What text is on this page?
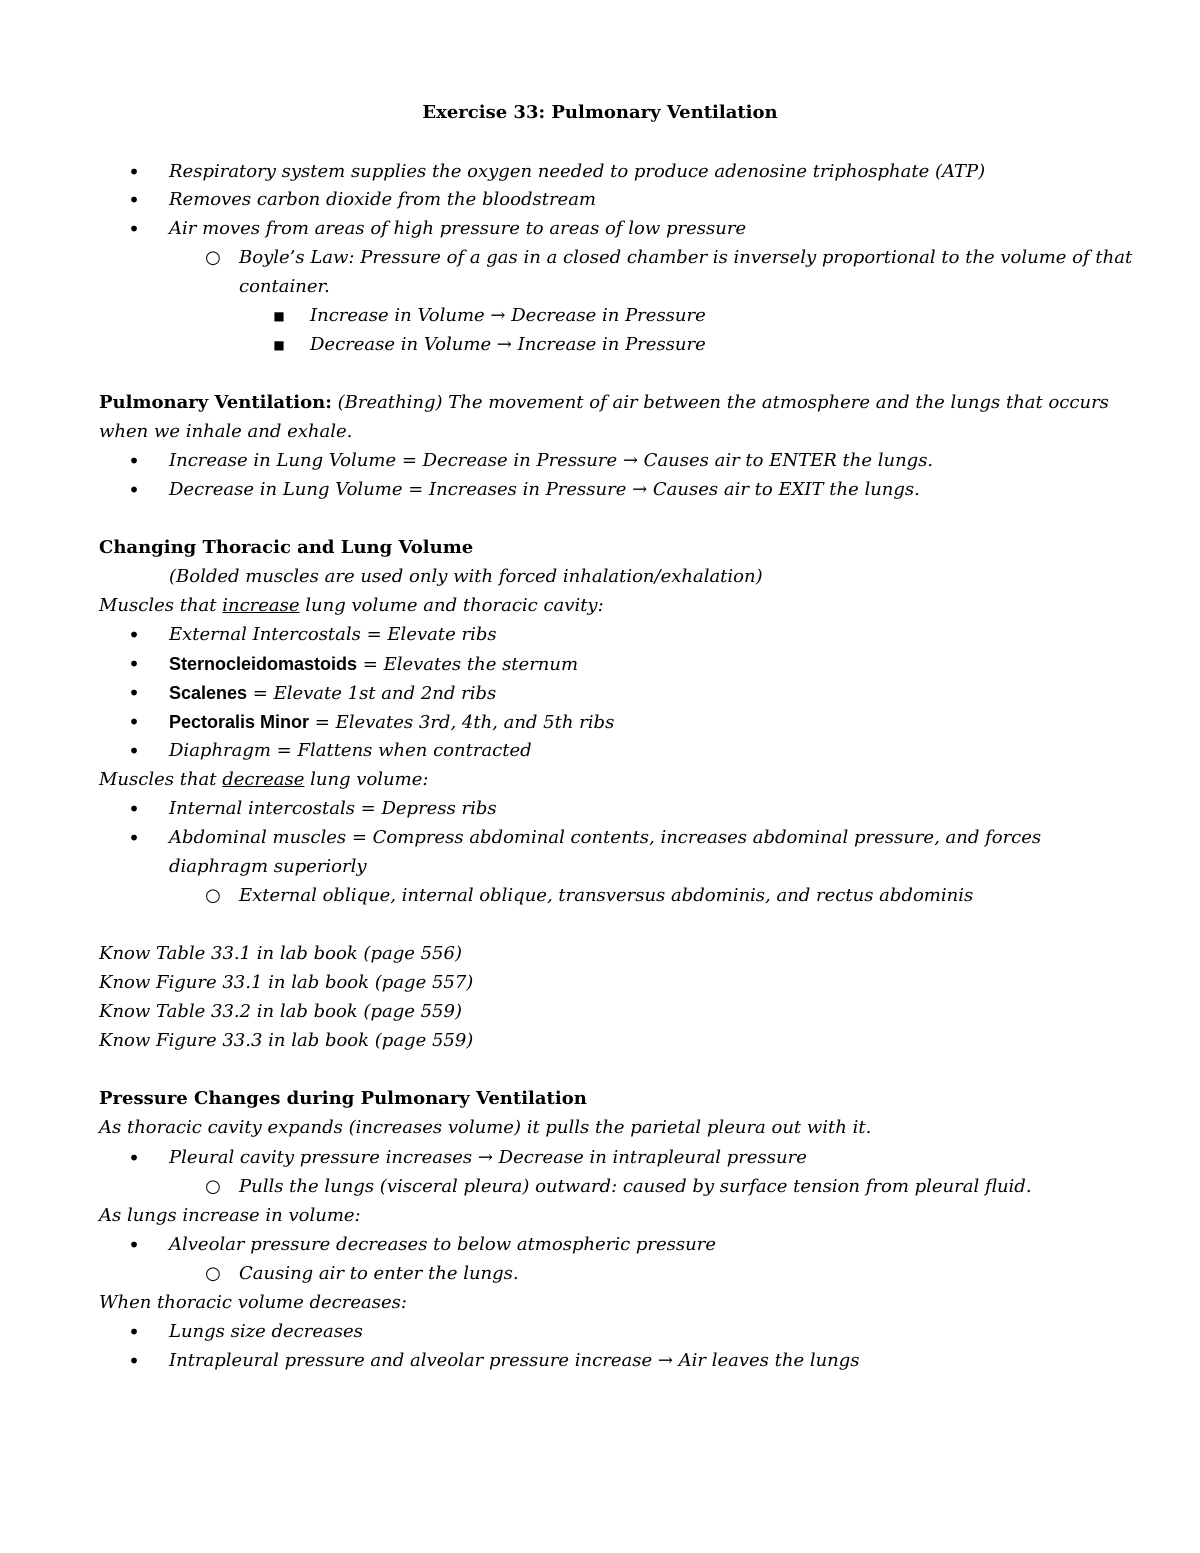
Exercise 33: Pulmonary Ventilation
• Respiratory system supplies the oxygen needed to produce adenosine triphosphate (ATP)
• Removes carbon dioxide from the bloodstream
• Air moves from areas of high pressure to areas of low pressure
○ Boyle’s Law: Pressure of a gas in a closed chamber is inversely proportional to the volume of that
container.
■ Increase in Volume → Decrease in Pressure
■ Decrease in Volume → Increase in Pressure
Pulmonary Ventilation: (Breathing) The movement of air between the atmosphere and the lungs that occurs
when we inhale and exhale.
• Increase in Lung Volume = Decrease in Pressure → Causes air to ENTER the lungs.
• Decrease in Lung Volume = Increases in Pressure → Causes air to EXIT the lungs.
Changing Thoracic and Lung Volume
(Bolded muscles are used only with forced inhalation/exhalation)
Muscles that increase lung volume and thoracic cavity:
• External Intercostals = Elevate ribs
• Sternocleidomastoids = Elevates the sternum
• Scalenes = Elevate 1st and 2nd ribs
• Pectoralis Minor = Elevates 3rd, 4th, and 5th ribs
• Diaphragm = Flattens when contracted
Muscles that decrease lung volume:
• Internal intercostals = Depress ribs
• Abdominal muscles = Compress abdominal contents, increases abdominal pressure, and forces
diaphragm superiorly
○ External oblique, internal oblique, transversus abdominis, and rectus abdominis
Know Table 33.1 in lab book (page 556)
Know Figure 33.1 in lab book (page 557)
Know Table 33.2 in lab book (page 559)
Know Figure 33.3 in lab book (page 559)
Pressure Changes during Pulmonary Ventilation
As thoracic cavity expands (increases volume) it pulls the parietal pleura out with it.
• Pleural cavity pressure increases → Decrease in intrapleural pressure
○ Pulls the lungs (visceral pleura) outward: caused by surface tension from pleural fluid.
As lungs increase in volume:
• Alveolar pressure decreases to below atmospheric pressure
○ Causing air to enter the lungs.
When thoracic volume decreases:
• Lungs size decreases
• Intrapleural pressure and alveolar pressure increase → Air leaves the lungs
